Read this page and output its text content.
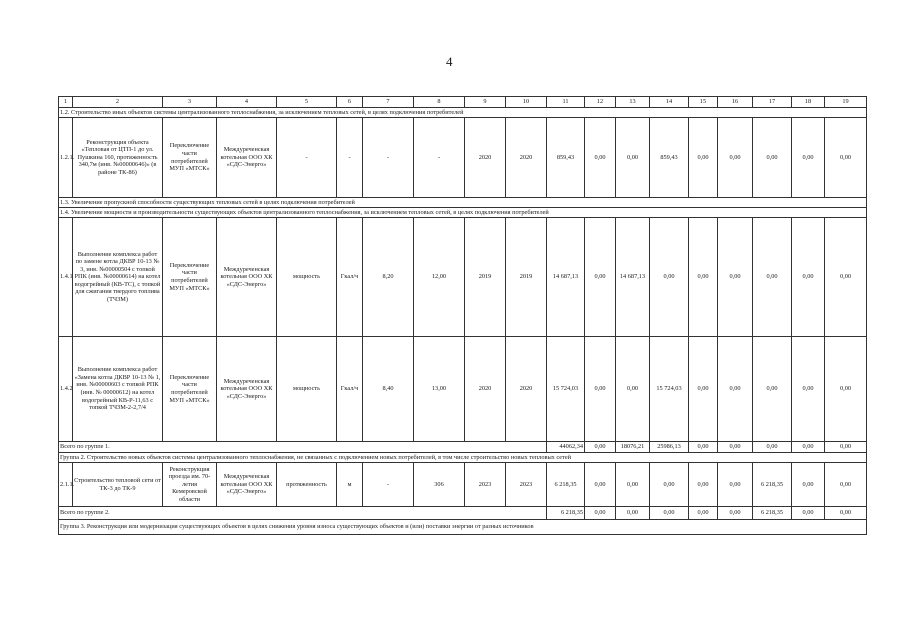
4
1	2	3	4	5	6	7	8	9	10	11	12	13	14	15	16	17	18	19
1.2. Строительство иных объектов системы централизованного теплоснабжения, за исключением тепловых сетей, в целях подключения потребителей																		
1.2.1.	Реконструкция объекта «Тепловая от ЦТП-1 до ул. Пушкина 160, протяженность 340,7м (инв. №00000646)» (в районе ТК-86)	Переключение части потребителей МУП «МТСК»	Междуреченская котельная ООО ХК «СДС-Энерго»	-	-	-	-	2020	2020	859,43	0,00	0,00	859,43	0,00	0,00	0,00	0,00	0,00
1.3. Увеличение пропускной способности существующих тепловых сетей в целях подключения потребителей																		
1.4. Увеличение мощности и производительности существующих объектов централизованного теплоснабжения, за исключением тепловых сетей, в целях подключения потребителей																		
1.4.1	Выполнение комплекса работ по замене котла ДКВР 10-13 № 3, инв. №00000504 с топкой РПК (инв. №00000614) на котел водогрейный (КВ-ТС), с топкой для сжигания твердого топлива (ТЧЗМ)	Переключение части потребителей МУП «МТСК»	Междуреченская котельная ООО ХК «СДС-Энерго»	мощность	Гкал/ч	8,20	12,00	2019	2019	14 687,13	0,00	14 687,13	0,00	0,00	0,00	0,00	0,00	0,00
1.4.2	Выполнение комплекса работ «Замена котла ДКВР 10-13 № 1, инв. №00000603 с топкой РПК (инв. № 00000612) на котел водогрейный КВ-Р-11,63 с топкой ТЧЗМ-2-2,7/4	Переключение части потребителей МУП «МТСК»	Междуреченская котельная ООО ХК «СДС-Энерго»	мощность	Гкал/ч	8,40	13,00	2020	2020	15 724,03	0,00	0,00	15 724,03	0,00	0,00	0,00	0,00	0,00
Всего по группе 1.										44062,34	0,00	18076,21	25986,13	0,00	0,00	0,00	0,00	0,00
Группа 2. Строительство новых объектов системы централизованного теплоснабжения, не связанных с подключением новых потребителей, в том числе строительство новых тепловых сетей																		
2.1.1.	Строительство тепловой сети от ТК-3 до ТК-9	Реконструкция проезда им. 70-летия Кемеровской области	Междуреченская котельная ООО ХК «СДС-Энерго»	протяженность	м	-	306	2023	2023	6 218,35	0,00	0,00	0,00	0,00	0,00	6 218,35	0,00	0,00
Всего по группе 2.										6 218,35	0,00	0,00	0,00	0,00	0,00	6 218,35	0,00	0,00
Группа 3. Реконструкция или модернизация существующих объектов в целях снижения уровня износа существующих объектов и (или) поставки энергии от разных источников																		
